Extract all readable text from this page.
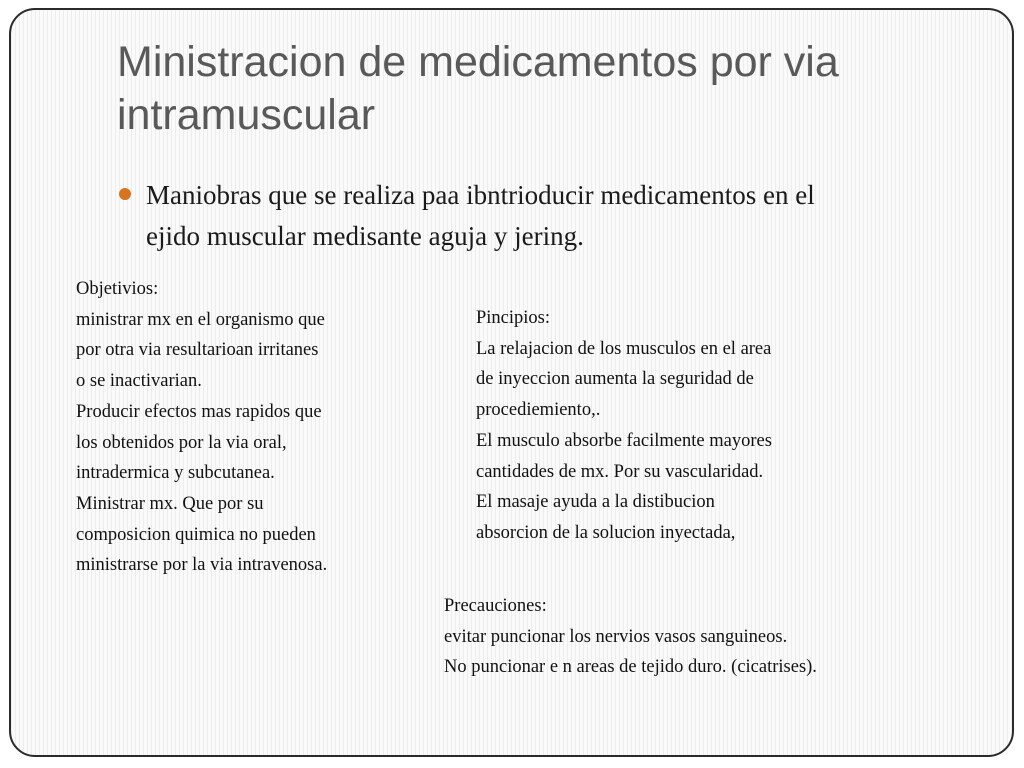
Ministracion de medicamentos por via
intramuscular
Maniobras que se realiza paa ibntrioducir medicamentos en el
ejido muscular medisante aguja y jering.
Objetivios:
ministrar mx en el organismo que
por otra via resultarioan irritanes
o se inactivarian.
Producir efectos mas rapidos que
los obtenidos por la via oral,
intradermica y subcutanea.
Ministrar mx. Que por su
composicion quimica no pueden
ministrarse por la via intravenosa.
Pincipios:
La relajacion de los musculos en el area
de inyeccion aumenta la seguridad de
procediemiento,.
El musculo absorbe facilmente mayores
cantidades de mx. Por su vascularidad.
El masaje ayuda a la distibucion
absorcion de la solucion inyectada,
Precauciones:
evitar puncionar los nervios vasos sanguineos.
No puncionar e n areas de tejido duro. (cicatrises).
